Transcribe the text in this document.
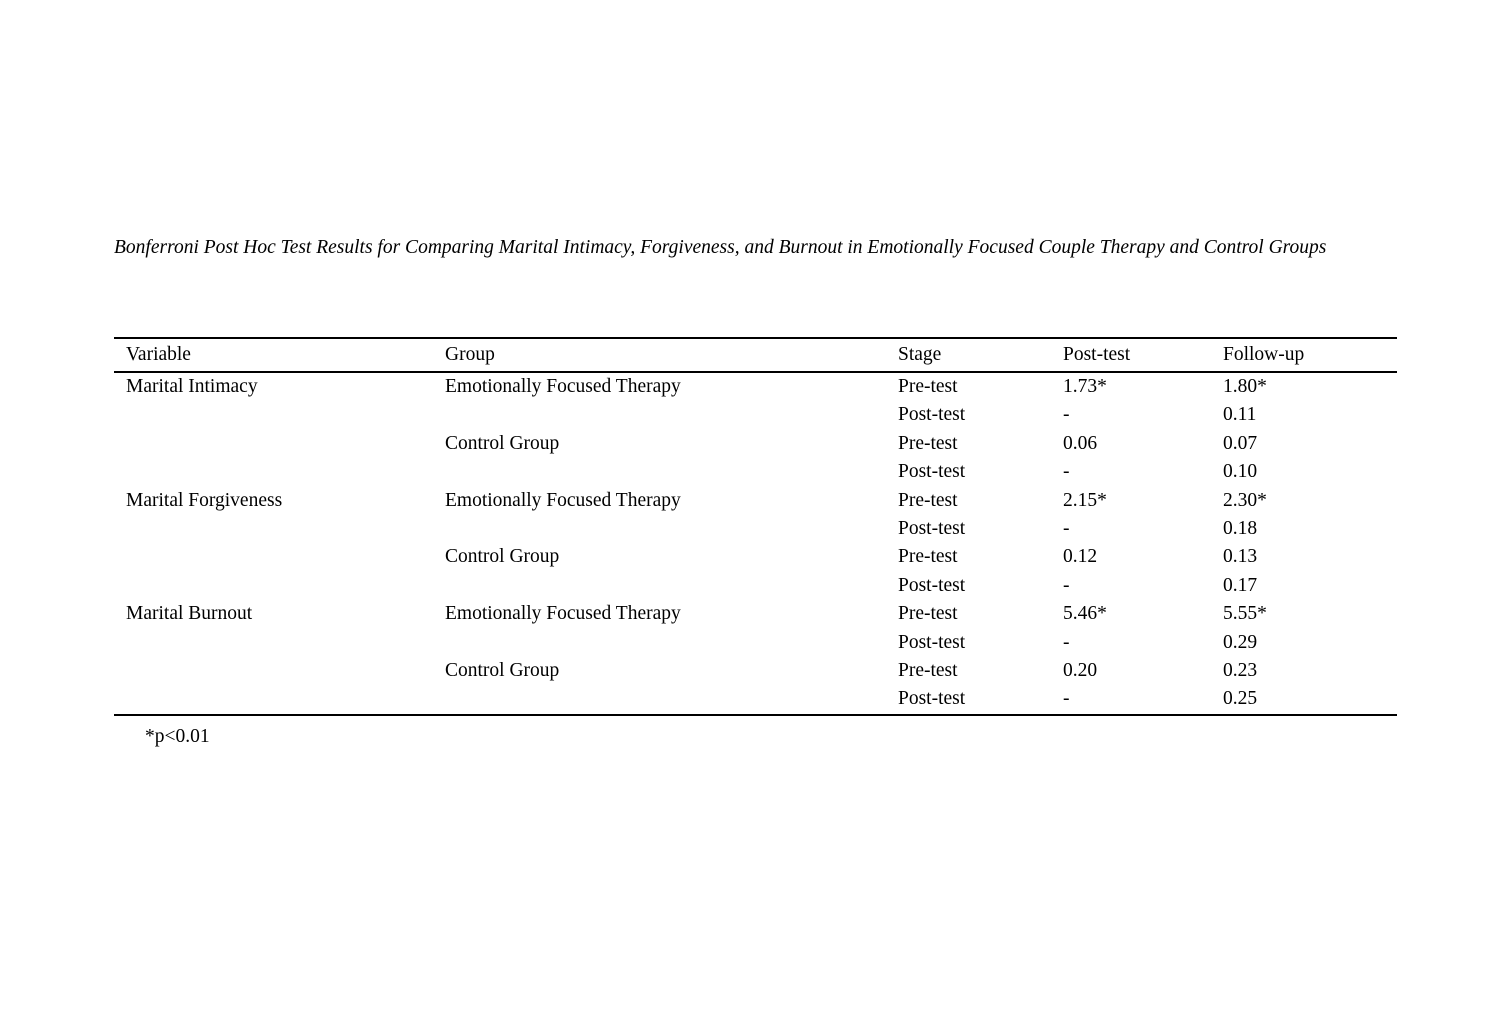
Bonferroni Post Hoc Test Results for Comparing Marital Intimacy, Forgiveness, and Burnout in Emotionally Focused Couple Therapy and Control Groups
Variable	Group	Stage	Post-test	Follow-up
Marital Intimacy	Emotionally Focused Therapy	Pre-test	1.73*	1.80*
		Post-test	-	0.11
	Control Group	Pre-test	0.06	0.07
		Post-test	-	0.10
Marital Forgiveness	Emotionally Focused Therapy	Pre-test	2.15*	2.30*
		Post-test	-	0.18
	Control Group	Pre-test	0.12	0.13
		Post-test	-	0.17
Marital Burnout	Emotionally Focused Therapy	Pre-test	5.46*	5.55*
		Post-test	-	0.29
	Control Group	Pre-test	0.20	0.23
		Post-test	-	0.25
*p<0.01
